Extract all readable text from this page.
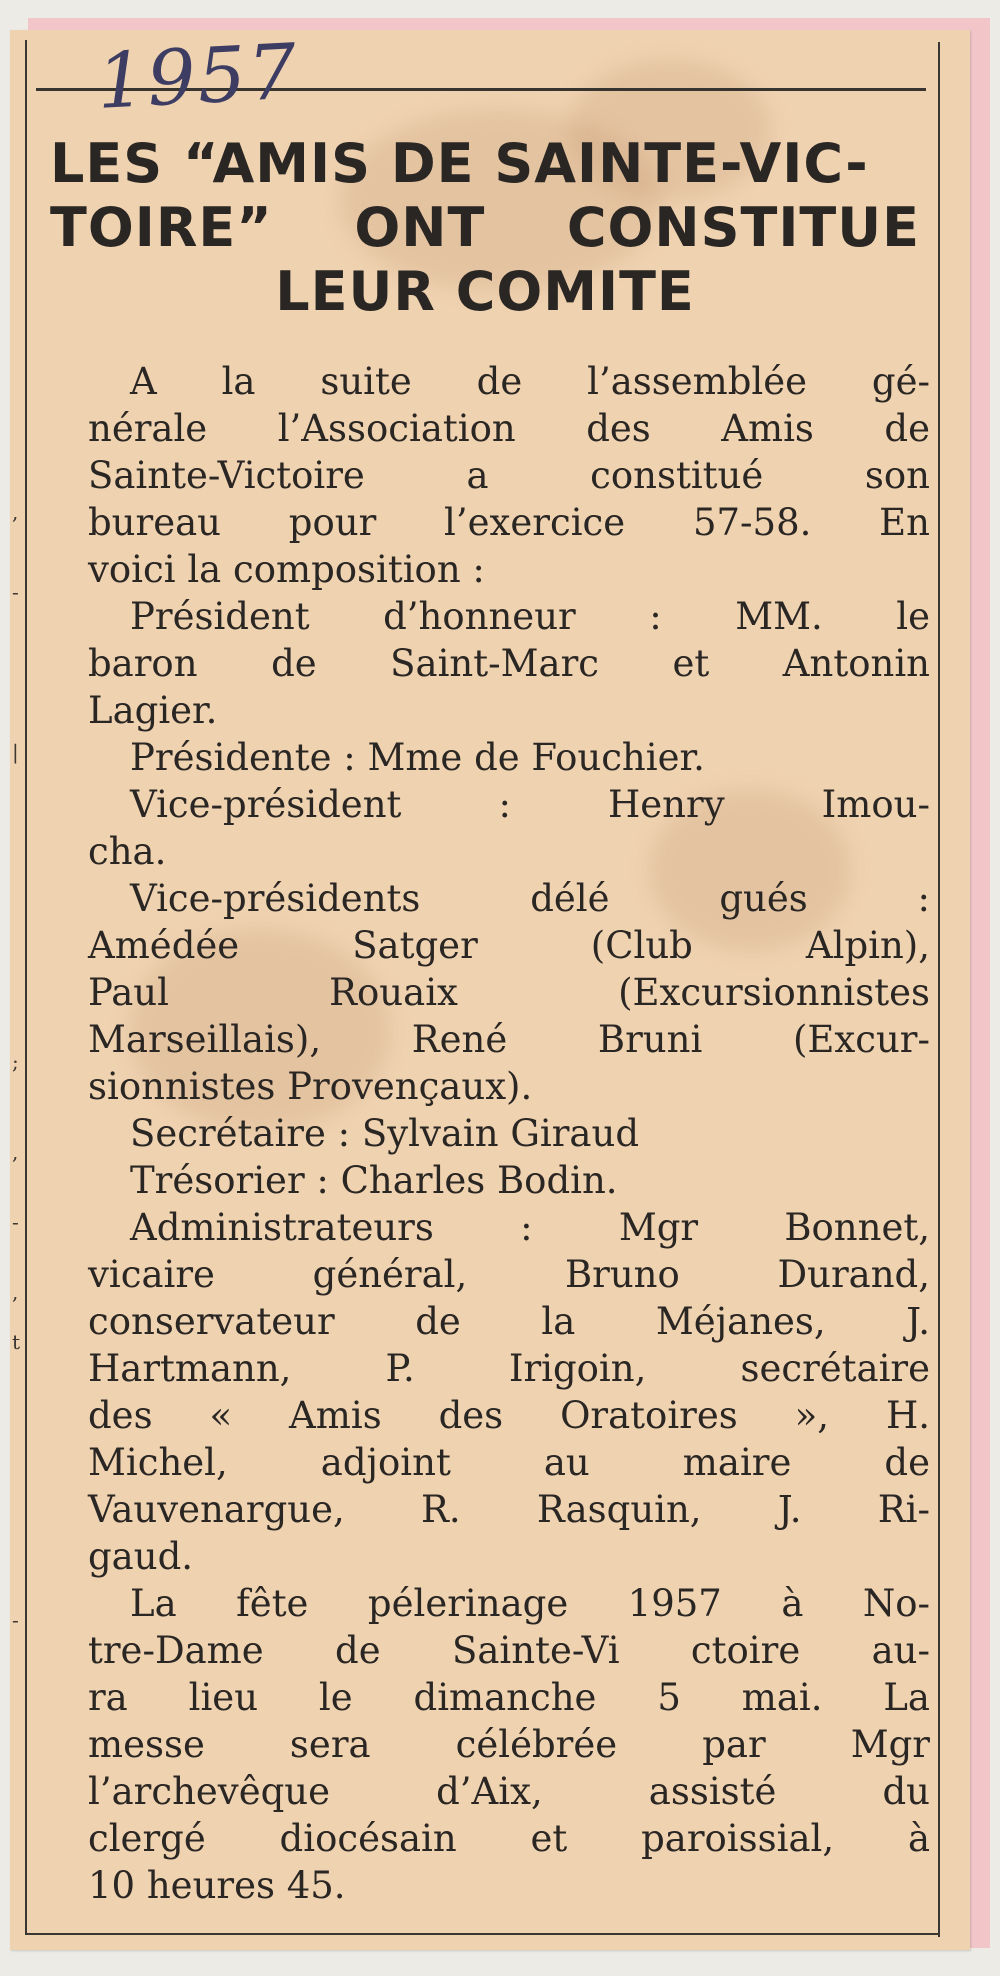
,
-
|
;
,
-
,
t
-
1957
LES “AMIS DE SAINTE-VIC-
TOIRE”  ONT  CONSTITUE
LEUR COMITE
A la suite de l’assemblée gé-
nérale l’Association des Amis de
Sainte-Victoire a constitué son
bureau pour l’exercice 57-58. En
voici la composition :
Président d’honneur : MM. le
baron de Saint-Marc et Antonin
Lagier.
Présidente : Mme de Fouchier.
Vice-président : Henry Imou-
cha.
Vice-présidents délé gués :
Amédée Satger (Club Alpin),
Paul Rouaix (Excursionnistes
Marseillais), René Bruni (Excur-
sionnistes Provençaux).
Secrétaire : Sylvain Giraud
Trésorier : Charles Bodin.
Administrateurs : Mgr Bonnet,
vicaire général, Bruno Durand,
conservateur de la Méjanes, J.
Hartmann, P. Irigoin, secrétaire
des « Amis des Oratoires », H.
Michel, adjoint au maire de
Vauvenargue, R. Rasquin, J. Ri-
gaud.
La fête pélerinage 1957 à No-
tre-Dame de Sainte-Vi ctoire au-
ra lieu le dimanche 5 mai. La
messe sera célébrée par Mgr
l’archevêque d’Aix, assisté du
clergé diocésain et paroissial, à
10 heures 45.
